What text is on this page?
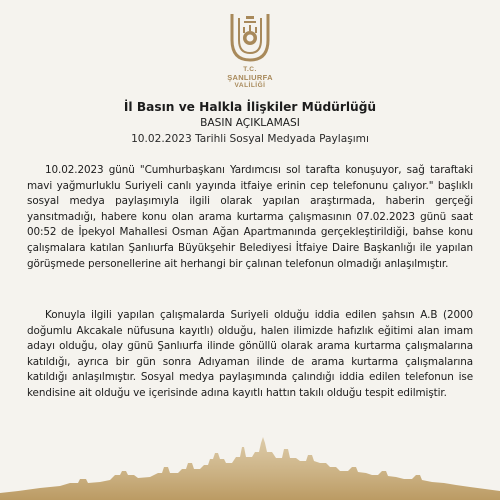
T.C.
ŞANLIURFA
VALİLİĞİ
İl Basın ve Halkla İlişkiler Müdürlüğü
BASIN AÇIKLAMASI
10.02.2023 Tarihli Sosyal Medyada Paylaşımı
10.02.2023 günü "Cumhurbaşkanı Yardımcısı sol tarafta konuşuyor, sağ taraftaki mavi yağmurluklu Suriyeli canlı yayında itfaiye erinin cep telefonunu çalıyor." başlıklı sosyal medya paylaşımıyla ilgili olarak yapılan araştırmada, haberin gerçeği yansıtmadığı, habere konu olan arama kurtarma çalışmasının 07.02.2023 günü saat 00:52 de İpekyol Mahallesi Osman Ağan Apartmanında gerçekleştirildiği, bahse konu çalışmalara katılan Şanlıurfa Büyükşehir Belediyesi İtfaiye Daire Başkanlığı ile yapılan görüşmede personellerine ait herhangi bir çalınan telefonun olmadığı anlaşılmıştır.
Konuyla ilgili yapılan çalışmalarda Suriyeli olduğu iddia edilen şahsın A.B (2000 doğumlu Akcakale nüfusuna kayıtlı) olduğu, halen ilimizde hafızlık eğitimi alan imam adayı olduğu, olay günü Şanlıurfa ilinde gönüllü olarak arama kurtarma çalışmalarına katıldığı, ayrıca bir gün sonra Adıyaman ilinde de arama kurtarma çalışmalarına katıldığı anlaşılmıştır. Sosyal medya paylaşımında çalındığı iddia edilen telefonun ise kendisine ait olduğu ve içerisinde adına kayıtlı hattın takılı olduğu tespit edilmiştir.
